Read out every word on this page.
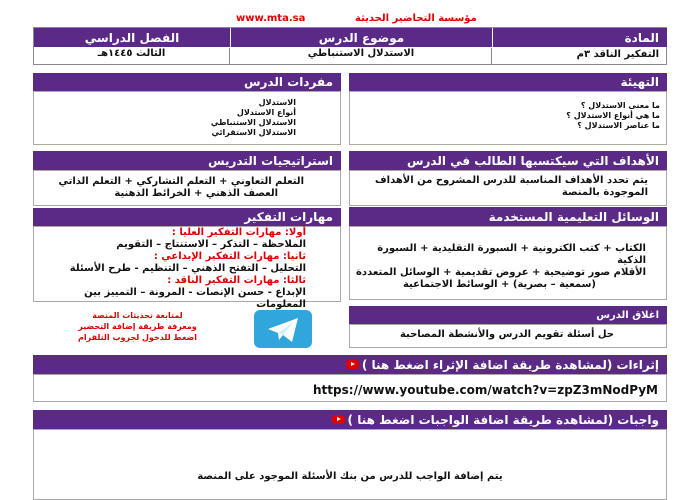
www.mta.sa	مؤسسة التحاضير الحديثة
الفصل الدراسي	موضوع الدرس	المادة
الثالث ١٤٤٥هـ	الاستدلال الاستنباطي	التفكير الناقد ٣م
مفردات الدرس
الاستدلال
أنواع الاستدلال
الاستدلال الاستنباطي
الاستدلال الاستقرائي
التهيئة
ما معنى الاستدلال ؟
ما هي أنواع الاستدلال ؟
ما عناصر الاستدلال ؟
استراتيجيات التدريس
التعلم التعاوني + التعلم التشاركي + التعلم الذاتي
العصف الذهني + الخرائط الذهنية
الأهداف التي سيكتسبها الطالب في الدرس
يتم تحدد الأهداف المناسبة للدرس المشروح من الأهداف الموجودة بالمنصة
مهارات التفكير
أولا: مهارات التفكير العليا :
الملاحظة – التذكر – الاستنتاج – التقويم
ثانيا: مهارات التفكير الإبداعي :
التحليل – التفتح الذهني – التنظيم - طرح الأسئلة
ثالثا: مهارات التفكير الناقد :
الإبداع - حسن الإنصات - المرونة – التمييز بين المعلومات
الوسائل التعليمية المستخدمة
الكتاب + كتب الكترونية + السبورة التقليدية + السبورة الذكية
الأقلام صور توضيحية + عروض تقديمية + الوسائل المتعددة
(سمعية – بصرية) + الوسائط الاجتماعية
لمتابعة تحديثات المنصة
ومعرفة طريقة إضافة التحضير
اضغط للدخول لجروب التلقرام
اغلاق الدرس
حل أسئلة تقويم الدرس والأنشطة المصاحبة
إثراءات (لمشاهدة طريقة اضافة الإثراء اضغط هنا )
https://www.youtube.com/watch?v=zpZ3mNodPyM
واجبات (لمشاهدة طريقة اضافة الواجبات اضغط هنا )
يتم إضافة الواجب للدرس من بنك الأسئلة الموجود على المنصة
